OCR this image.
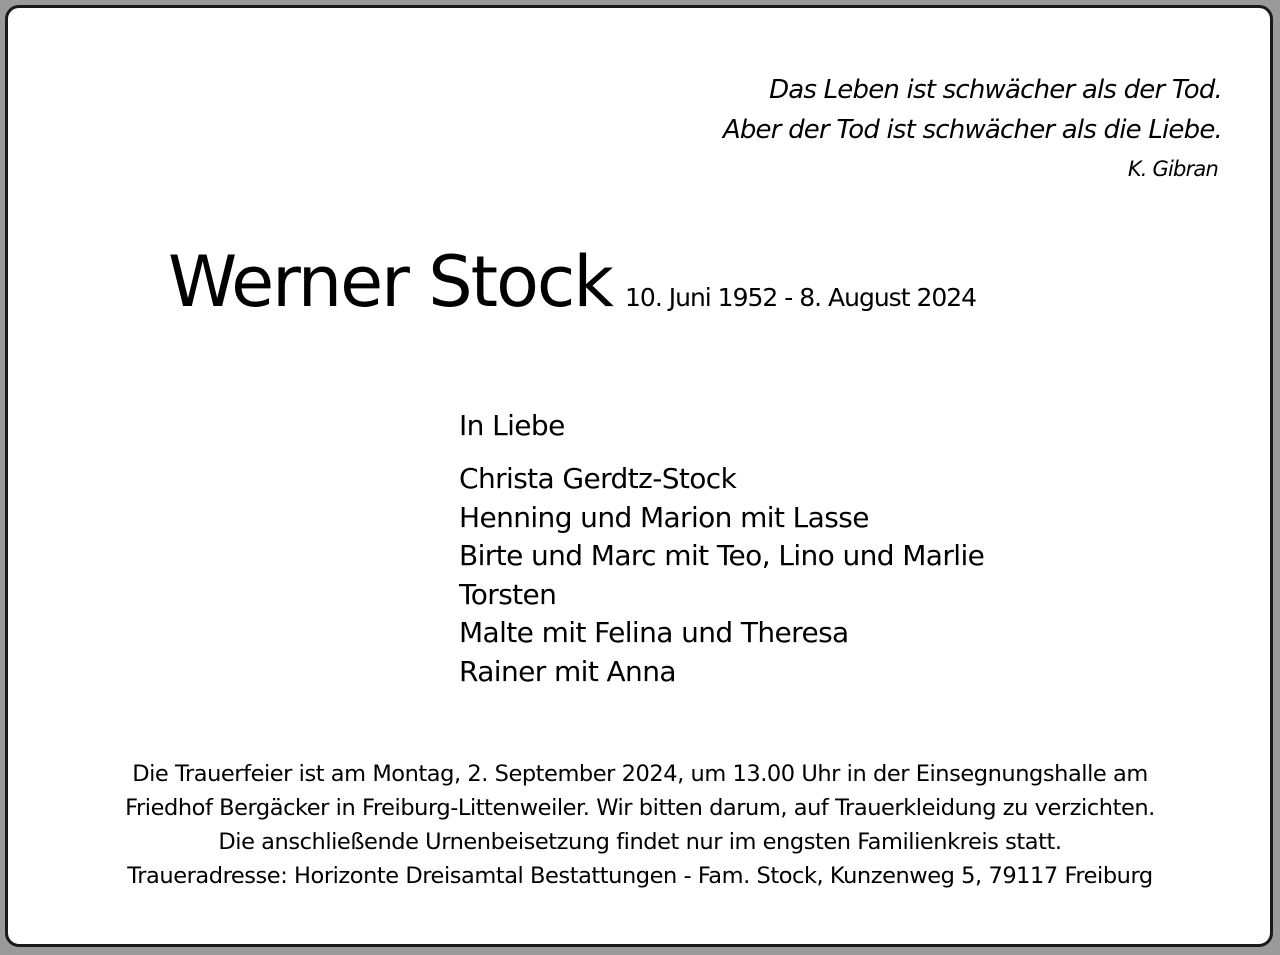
Das Leben ist schwächer als der Tod.
Aber der Tod ist schwächer als die Liebe.
K. Gibran
Werner Stock 10. Juni 1952 - 8. August 2024
In Liebe
Christa Gerdtz-Stock
Henning und Marion mit Lasse
Birte und Marc mit Teo, Lino und Marlie
Torsten
Malte mit Felina und Theresa
Rainer mit Anna
Die Trauerfeier ist am Montag, 2. September 2024, um 13.00 Uhr in der Einsegnungshalle am
Friedhof Bergäcker in Freiburg-Littenweiler. Wir bitten darum, auf Trauerkleidung zu verzichten.
Die anschließende Urnenbeisetzung findet nur im engsten Familienkreis statt.
Traueradresse: Horizonte Dreisamtal Bestattungen - Fam. Stock, Kunzenweg 5, 79117 Freiburg
